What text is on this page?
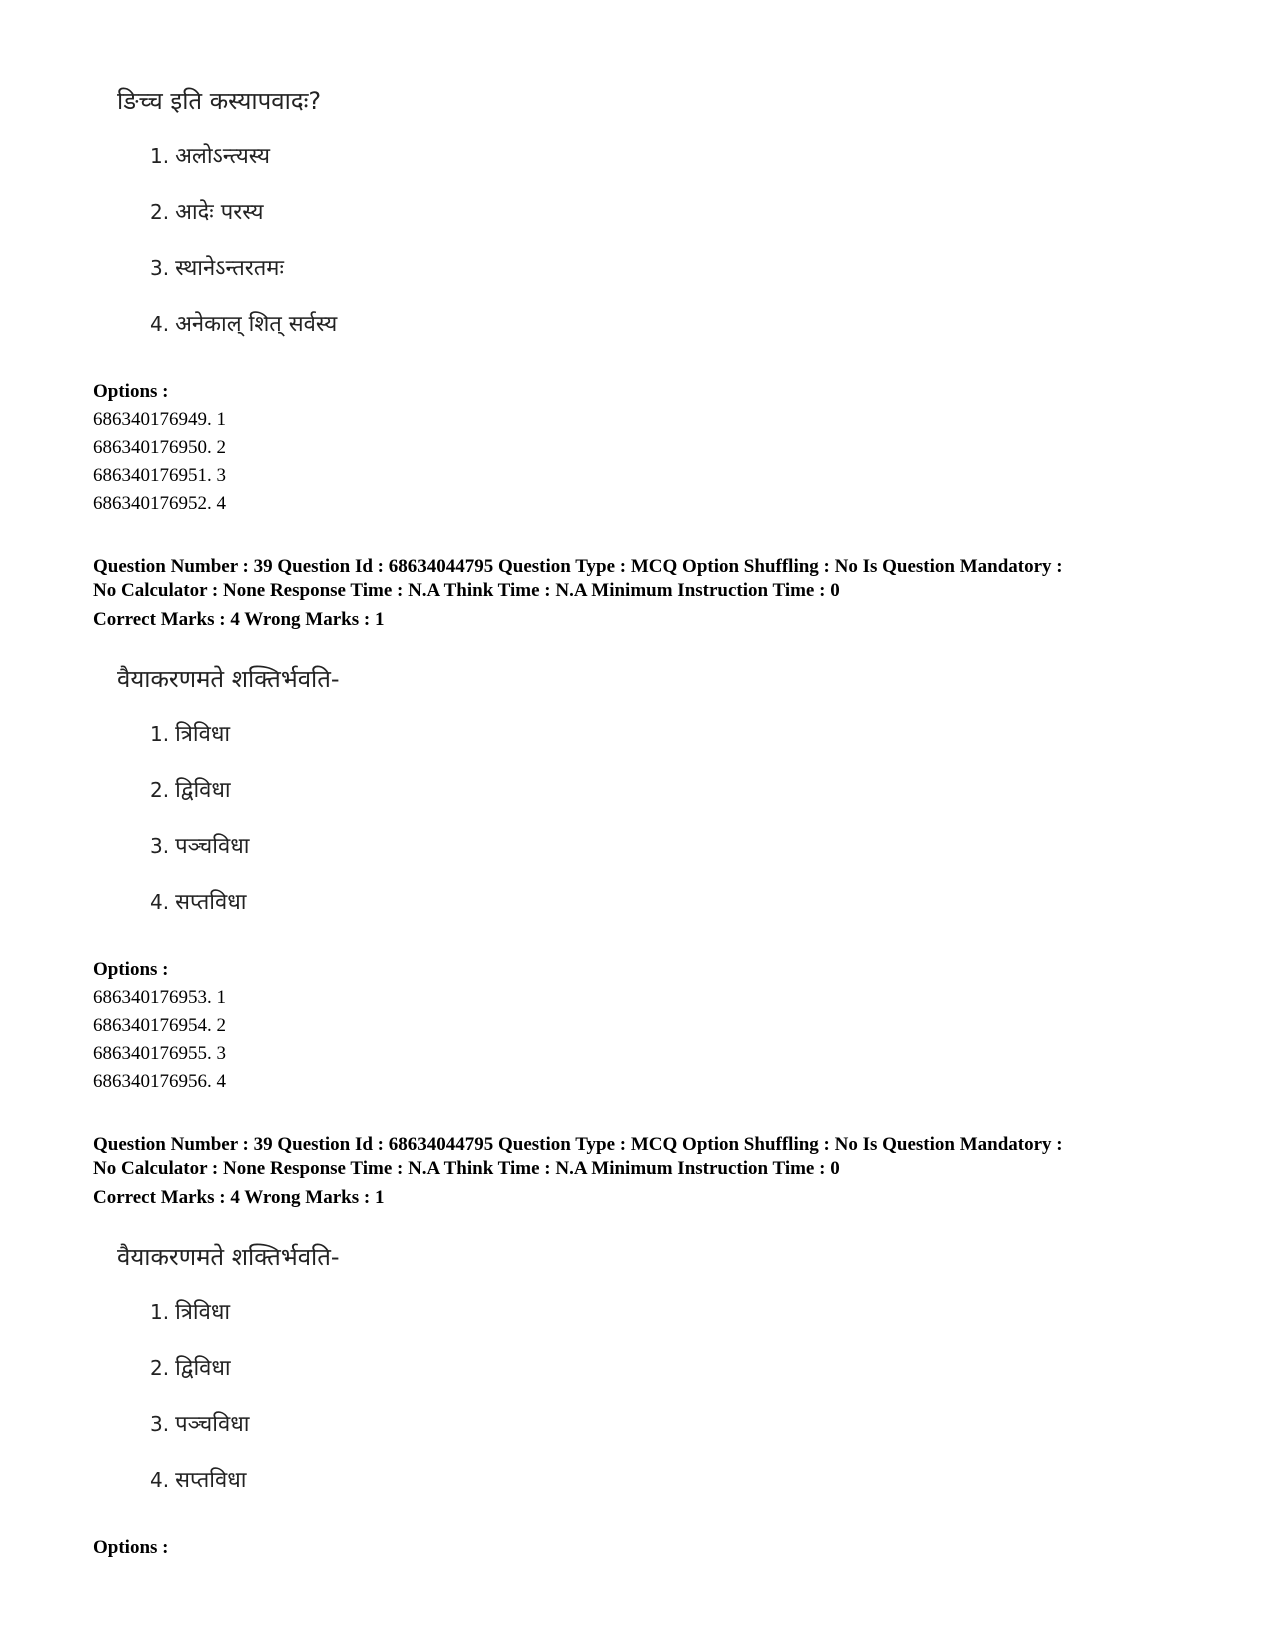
ङिच्च इति कस्यापवादः?
1. अलोऽन्त्यस्य
2. आदेः परस्य
3. स्थानेऽन्तरतमः
4. अनेकाल् शित् सर्वस्य
Options :
686340176949. 1
686340176950. 2
686340176951. 3
686340176952. 4
Question Number : 39 Question Id : 68634044795 Question Type : MCQ Option Shuffling : No Is Question Mandatory :
No Calculator : None Response Time : N.A Think Time : N.A Minimum Instruction Time : 0
Correct Marks : 4 Wrong Marks : 1
वैयाकरणमते शक्तिर्भवति-
1. त्रिविधा
2. द्विविधा
3. पञ्चविधा
4. सप्तविधा
Options :
686340176953. 1
686340176954. 2
686340176955. 3
686340176956. 4
Question Number : 39 Question Id : 68634044795 Question Type : MCQ Option Shuffling : No Is Question Mandatory :
No Calculator : None Response Time : N.A Think Time : N.A Minimum Instruction Time : 0
Correct Marks : 4 Wrong Marks : 1
वैयाकरणमते शक्तिर्भवति-
1. त्रिविधा
2. द्विविधा
3. पञ्चविधा
4. सप्तविधा
Options :
